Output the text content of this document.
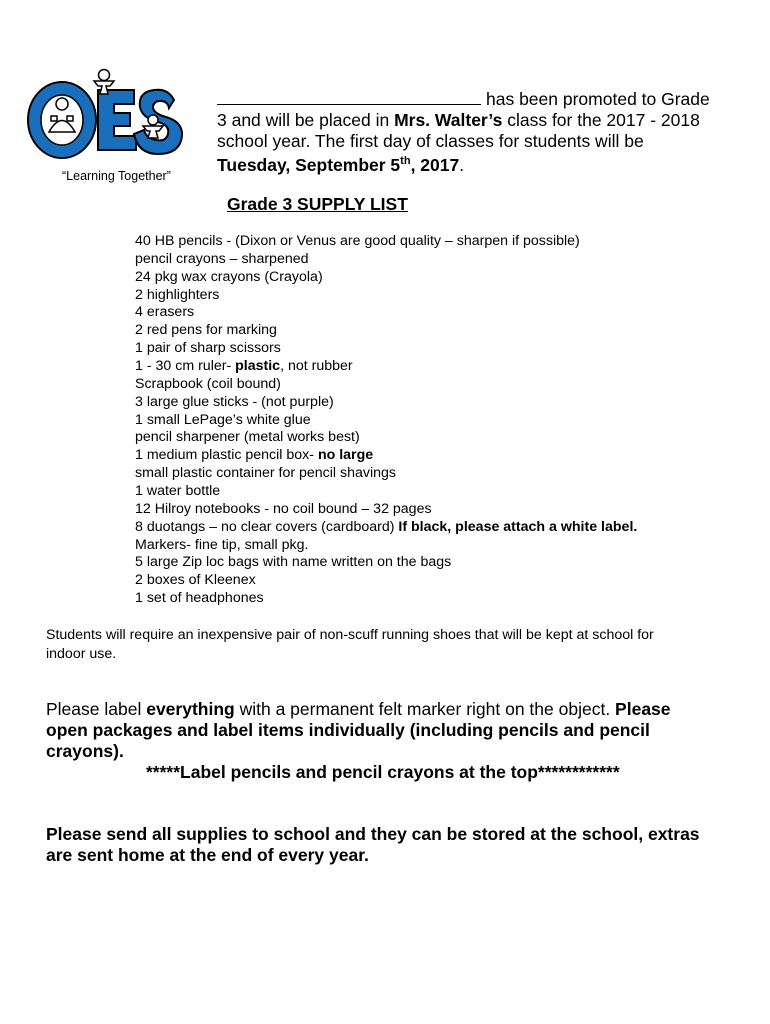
“Learning Together”
has been promoted to Grade
3 and will be placed in Mrs. Walter’s class for the 2017 - 2018
school year. The first day of classes for students will be
Tuesday, September 5th, 2017.
Grade 3 SUPPLY LIST
40 HB pencils - (Dixon or Venus are good quality – sharpen if possible)
pencil crayons – sharpened
24 pkg wax crayons (Crayola)
2 highlighters
4 erasers
2 red pens for marking
1 pair of sharp scissors
1 - 30 cm ruler- plastic, not rubber
Scrapbook (coil bound)
3 large glue sticks - (not purple)
1 small LePage’s white glue
pencil sharpener (metal works best)
1 medium plastic pencil box- no large
small plastic container for pencil shavings
1 water bottle
12 Hilroy notebooks - no coil bound – 32 pages
8 duotangs – no clear covers (cardboard) If black, please attach a white label.
Markers- fine tip, small pkg.
5 large Zip loc bags with name written on the bags
2 boxes of Kleenex
1 set of headphones
Students will require an inexpensive pair of non-scuff running shoes that will be kept at school for
indoor use.
Please label everything with a permanent felt marker right on the object. Please
open packages and label items individually (including pencils and pencil
crayons).
*****Label pencils and pencil crayons at the top************
Please send all supplies to school and they can be stored at the school, extras
are sent home at the end of every year.
